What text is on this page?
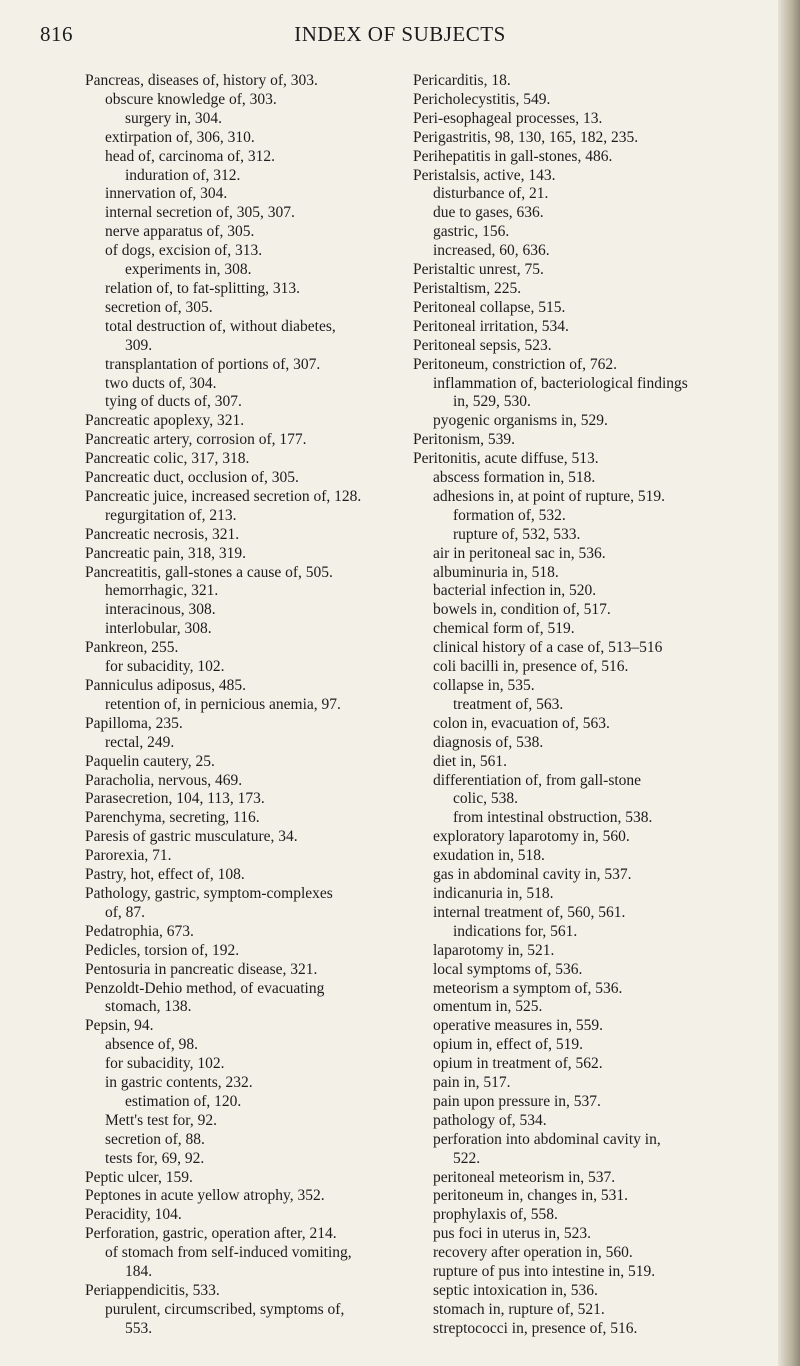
INDEX OF SUBJECTS
816
Pancreas, diseases of, history of, 303.
obscure knowledge of, 303.
surgery in, 304.
extirpation of, 306, 310.
head of, carcinoma of, 312.
induration of, 312.
innervation of, 304.
internal secretion of, 305, 307.
nerve apparatus of, 305.
of dogs, excision of, 313.
experiments in, 308.
relation of, to fat-splitting, 313.
secretion of, 305.
total destruction of, without diabetes,
309.
transplantation of portions of, 307.
two ducts of, 304.
tying of ducts of, 307.
Pancreatic apoplexy, 321.
Pancreatic artery, corrosion of, 177.
Pancreatic colic, 317, 318.
Pancreatic duct, occlusion of, 305.
Pancreatic juice, increased secretion of, 128.
regurgitation of, 213.
Pancreatic necrosis, 321.
Pancreatic pain, 318, 319.
Pancreatitis, gall-stones a cause of, 505.
hemorrhagic, 321.
interacinous, 308.
interlobular, 308.
Pankreon, 255.
for subacidity, 102.
Panniculus adiposus, 485.
retention of, in pernicious anemia, 97.
Papilloma, 235.
rectal, 249.
Paquelin cautery, 25.
Paracholia, nervous, 469.
Parasecretion, 104, 113, 173.
Parenchyma, secreting, 116.
Paresis of gastric musculature, 34.
Parorexia, 71.
Pastry, hot, effect of, 108.
Pathology, gastric, symptom-complexes
of, 87.
Pedatrophia, 673.
Pedicles, torsion of, 192.
Pentosuria in pancreatic disease, 321.
Penzoldt-Dehio method, of evacuating
stomach, 138.
Pepsin, 94.
absence of, 98.
for subacidity, 102.
in gastric contents, 232.
estimation of, 120.
Mett's test for, 92.
secretion of, 88.
tests for, 69, 92.
Peptic ulcer, 159.
Peptones in acute yellow atrophy, 352.
Peracidity, 104.
Perforation, gastric, operation after, 214.
of stomach from self-induced vomiting,
184.
Periappendicitis, 533.
purulent, circumscribed, symptoms of,
553.
Pericarditis, 18.
Pericholecystitis, 549.
Peri-esophageal processes, 13.
Perigastritis, 98, 130, 165, 182, 235.
Perihepatitis in gall-stones, 486.
Peristalsis, active, 143.
disturbance of, 21.
due to gases, 636.
gastric, 156.
increased, 60, 636.
Peristaltic unrest, 75.
Peristaltism, 225.
Peritoneal collapse, 515.
Peritoneal irritation, 534.
Peritoneal sepsis, 523.
Peritoneum, constriction of, 762.
inflammation of, bacteriological findings
in, 529, 530.
pyogenic organisms in, 529.
Peritonism, 539.
Peritonitis, acute diffuse, 513.
abscess formation in, 518.
adhesions in, at point of rupture, 519.
formation of, 532.
rupture of, 532, 533.
air in peritoneal sac in, 536.
albuminuria in, 518.
bacterial infection in, 520.
bowels in, condition of, 517.
chemical form of, 519.
clinical history of a case of, 513–516
coli bacilli in, presence of, 516.
collapse in, 535.
treatment of, 563.
colon in, evacuation of, 563.
diagnosis of, 538.
diet in, 561.
differentiation of, from gall-stone
colic, 538.
from intestinal obstruction, 538.
exploratory laparotomy in, 560.
exudation in, 518.
gas in abdominal cavity in, 537.
indicanuria in, 518.
internal treatment of, 560, 561.
indications for, 561.
laparotomy in, 521.
local symptoms of, 536.
meteorism a symptom of, 536.
omentum in, 525.
operative measures in, 559.
opium in, effect of, 519.
opium in treatment of, 562.
pain in, 517.
pain upon pressure in, 537.
pathology of, 534.
perforation into abdominal cavity in,
522.
peritoneal meteorism in, 537.
peritoneum in, changes in, 531.
prophylaxis of, 558.
pus foci in uterus in, 523.
recovery after operation in, 560.
rupture of pus into intestine in, 519.
septic intoxication in, 536.
stomach in, rupture of, 521.
streptococci in, presence of, 516.
